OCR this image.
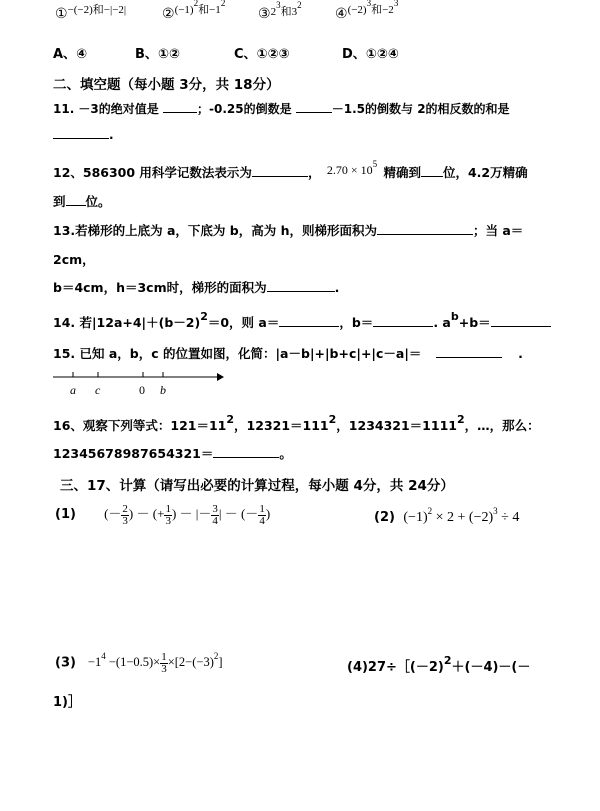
①$^{-(-2)和-|-2|}$	②$^{(-1)^2和-1^2}$
③$^{2^3和3^2}$
④$^{(-2)^3和-2^3}$
A、④	B、①②	C、①②③	D、①②④
二、填空题（每小题 3分，共 18分）
11. －3的绝对值是	；-0.25的倒数是	－1.5的倒数与 2的相反数的和是
.
12、586300 用科学记数法表示为	， $2.70 \times 10^5$ 精确到 位，4.2万精确
到 位。
13.若梯形的上底为 a，下底为 b，高为 h，则梯形面积为	；当 a＝
2cm，
b＝4cm，h＝3cm时，梯形的面积为	.
14. 若$|12a+4|+(b-2)^2=0$，则 a＝	，b＝	. $a^b+b=$
15. 已知 a，b，c 的位置如图，化简：|a－b|+|b+c|+|c－a|＝	.
a c	0 b
16、观察下列等式：$121=11^2$，$12321=111^2$，$1234321=1111^2$，…，那么：
12345678987654321＝	。
三、17、计算（请写出必要的计算过程，每小题 4分，共 24分）
(1) (－ $\frac{2}{3}$ ) － (+ $\frac{1}{3}$ ) － |－ $\frac{3}{4}$ | － (－ $\frac{1}{4}$ )	(2) $(-1)^2 \times 2 + (-2)^3 \div 4$
$(3) -1^4 -(1-0.5)\times \frac{1}{3} \times[2-(-3)^2]$	$(4)27\div[(-2)^2+(-4)-(-$
1)］
